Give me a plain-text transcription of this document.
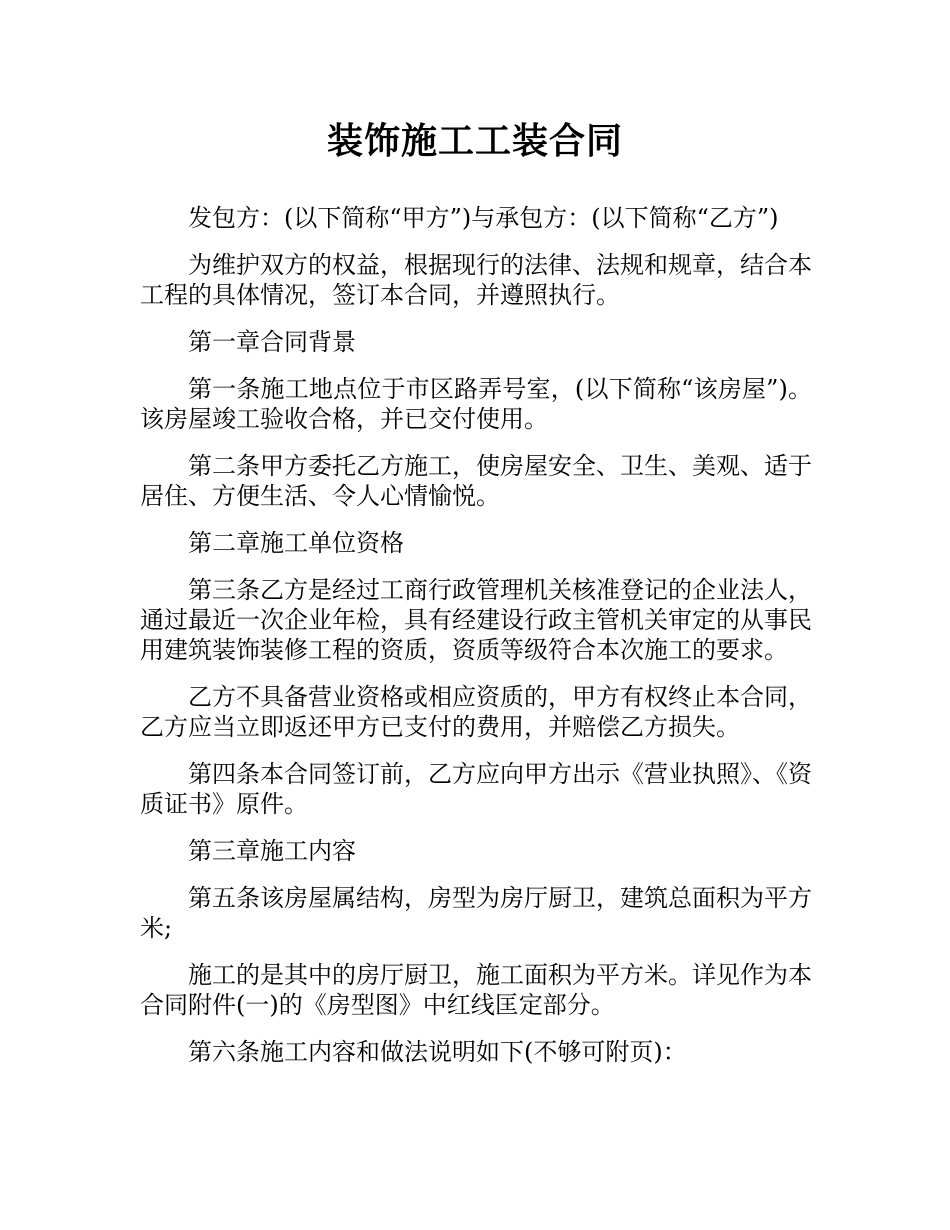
装饰施工工装合同

发包方：(以下简称“甲方”)与承包方：(以下简称“乙方”)

为维护双方的权益，根据现行的法律、法规和规章，结合本工程的具体情况，签订本合同，并遵照执行。

第一章合同背景

第一条施工地点位于市区路弄号室，(以下简称“该房屋”)。该房屋竣工验收合格，并已交付使用。

第二条甲方委托乙方施工，使房屋安全、卫生、美观、适于居住、方便生活、令人心情愉悦。

第二章施工单位资格

第三条乙方是经过工商行政管理机关核准登记的企业法人，通过最近一次企业年检，具有经建设行政主管机关审定的从事民用建筑装饰装修工程的资质，资质等级符合本次施工的要求。

乙方不具备营业资格或相应资质的，甲方有权终止本合同，乙方应当立即返还甲方已支付的费用，并赔偿乙方损失。

第四条本合同签订前，乙方应向甲方出示《营业执照》、《资质证书》原件。

第三章施工内容

第五条该房屋属结构，房型为房厅厨卫，建筑总面积为平方米;

施工的是其中的房厅厨卫，施工面积为平方米。详见作为本合同附件(一)的《房型图》中红线匡定部分。

第六条施工内容和做法说明如下(不够可附页)：
